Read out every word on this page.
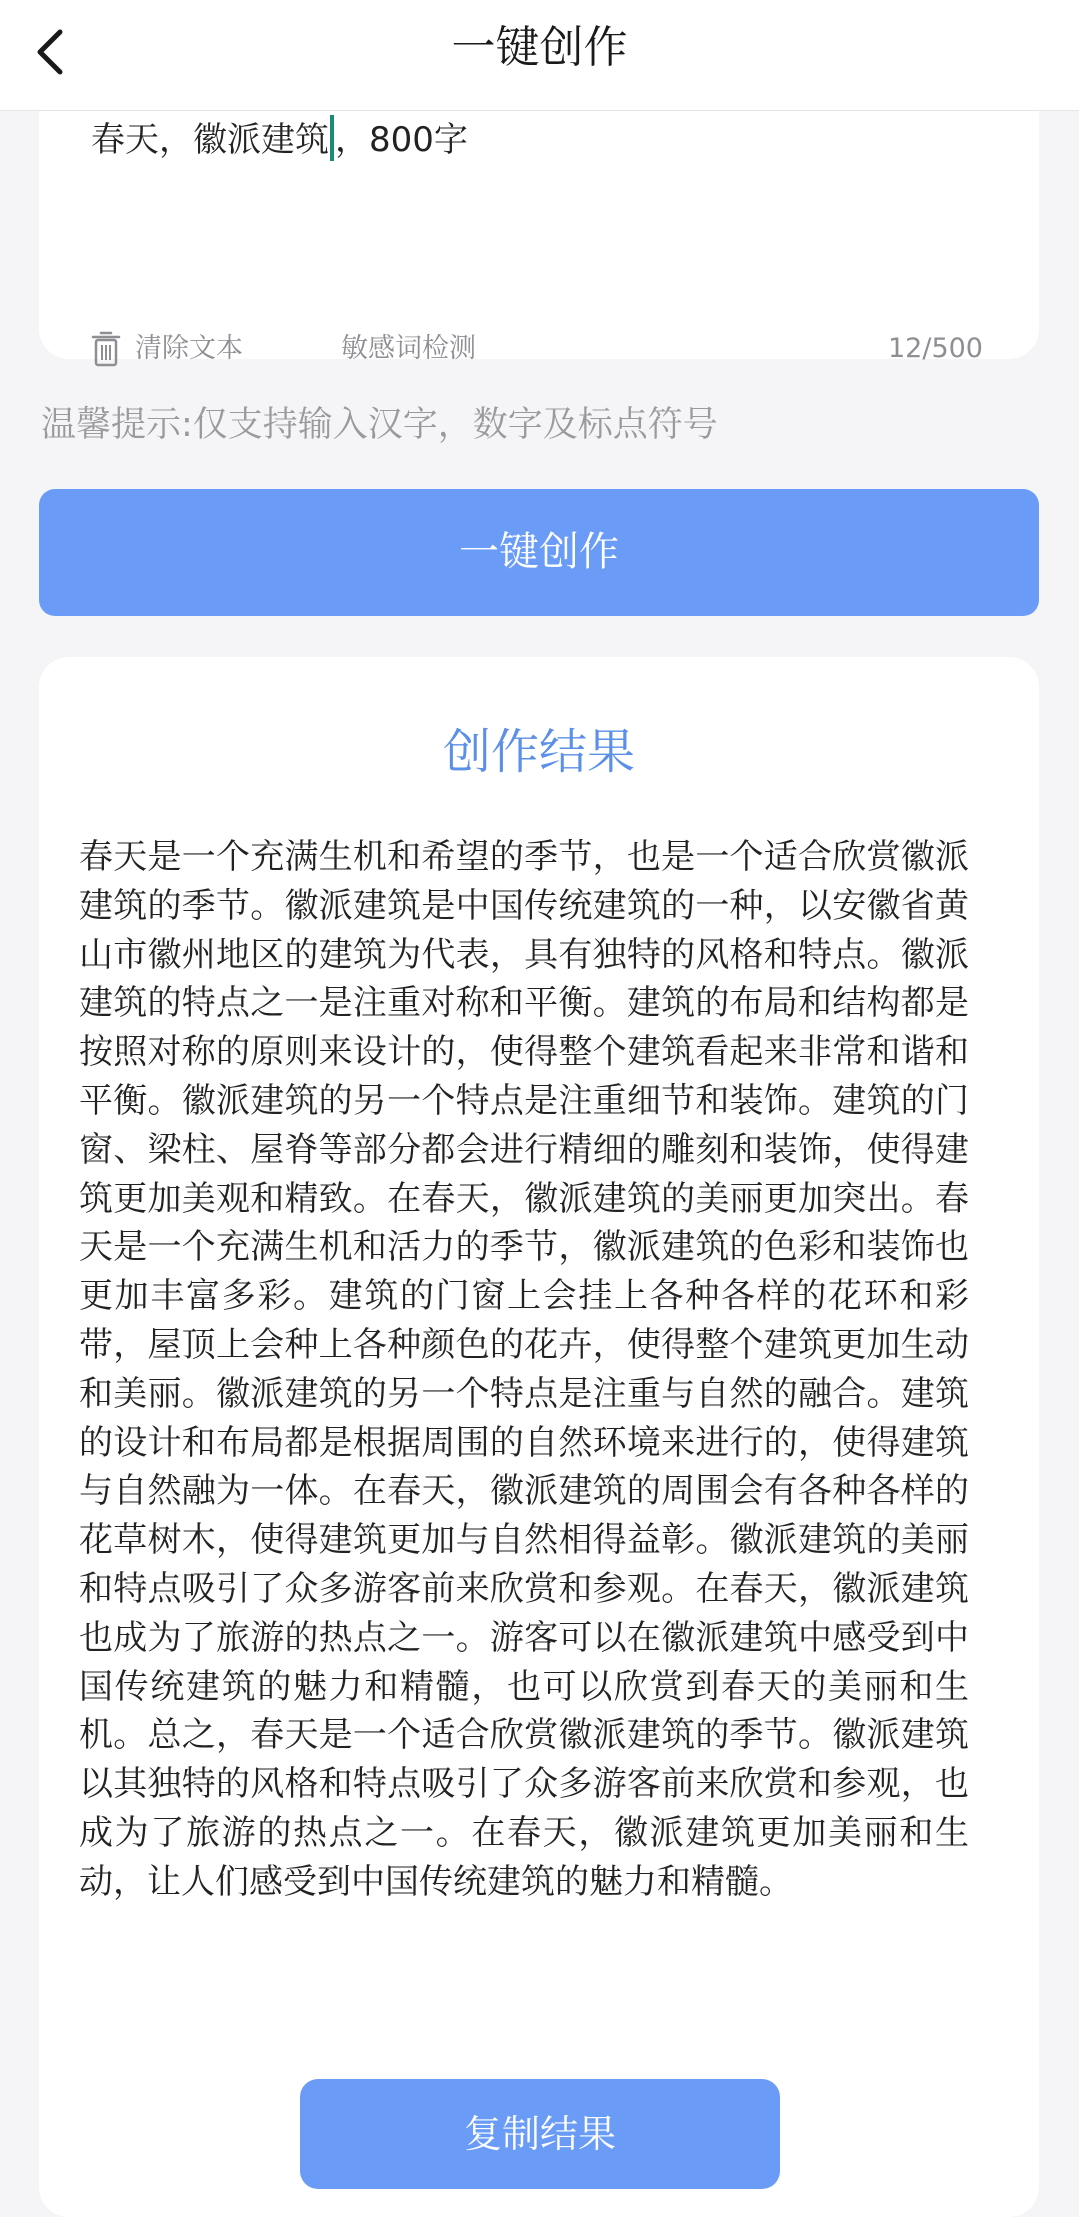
一键创作
春天，徽派建筑 ，800字
清除文本	敏感词检测	12/500
温馨提示:仅支持输入汉字，数字及标点符号
一键创作
创作结果

春天是一个充满生机和希望的季节，也是一个适合欣赏徽派建筑的季节。徽派建筑是中国传统建筑的一种，以安徽省黄山市徽州地区的建筑为代表，具有独特的风格和特点。徽派建筑的特点之一是注重对称和平衡。建筑的布局和结构都是按照对称的原则来设计的，使得整个建筑看起来非常和谐和平衡。徽派建筑的另一个特点是注重细节和装饰。建筑的门窗、梁柱、屋脊等部分都会进行精细的雕刻和装饰，使得建筑更加美观和精致。在春天，徽派建筑的美丽更加突出。春天是一个充满生机和活力的季节，徽派建筑的色彩和装饰也更加丰富多彩。建筑的门窗上会挂上各种各样的花环和彩带，屋顶上会种上各种颜色的花卉，使得整个建筑更加生动和美丽。徽派建筑的另一个特点是注重与自然的融合。建筑的设计和布局都是根据周围的自然环境来进行的，使得建筑与自然融为一体。在春天，徽派建筑的周围会有各种各样的花草树木，使得建筑更加与自然相得益彰。徽派建筑的美丽和特点吸引了众多游客前来欣赏和参观。在春天，徽派建筑也成为了旅游的热点之一。游客可以在徽派建筑中感受到中国传统建筑的魅力和精髓，也可以欣赏到春天的美丽和生机。总之，春天是一个适合欣赏徽派建筑的季节。徽派建筑以其独特的风格和特点吸引了众多游客前来欣赏和参观，也成为了旅游的热点之一。在春天，徽派建筑更加美丽和生动，让人们感受到中国传统建筑的魅力和精髓。

复制结果
